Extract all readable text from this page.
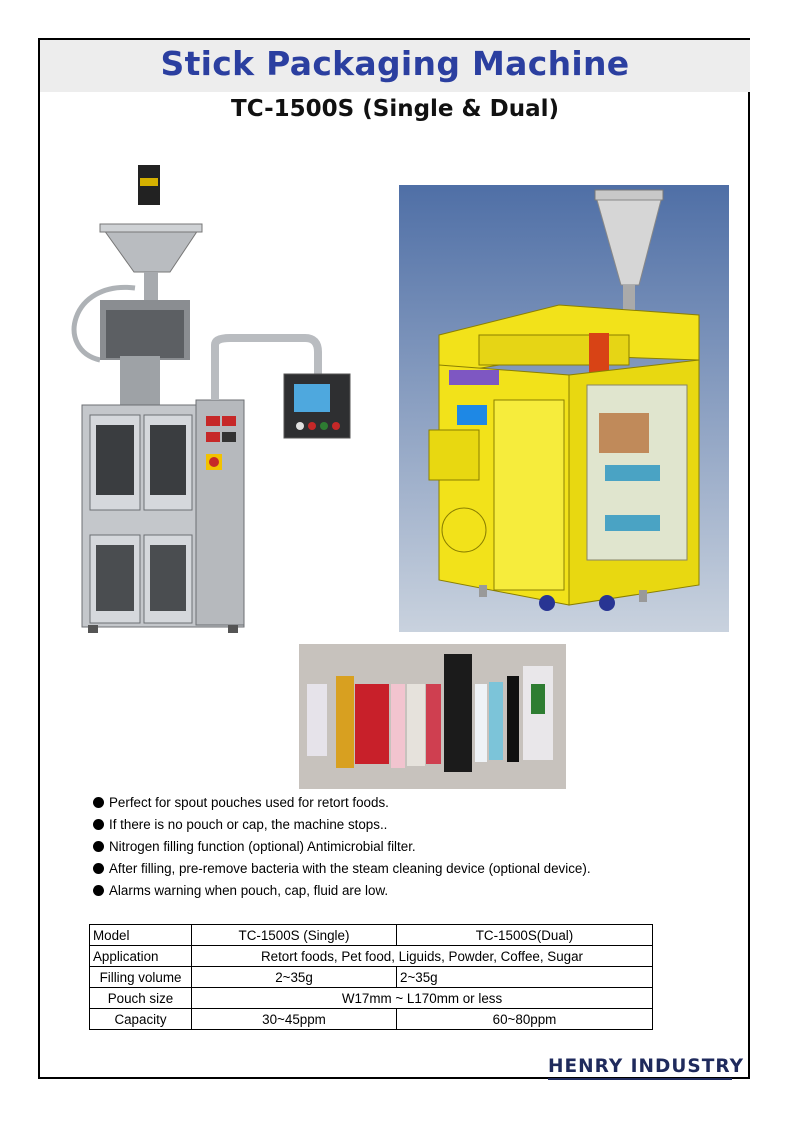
Stick Packaging Machine
TC-1500S (Single & Dual)
Perfect for spout pouches used for retort foods.
If there is no pouch or cap, the machine stops..
Nitrogen filling function (optional) Antimicrobial filter.
After filling, pre-remove bacteria with the steam cleaning device (optional device).
Alarms warning when pouch, cap, fluid are low.
Model	TC-1500S (Single)	TC-1500S(Dual)
Application	Retort foods, Pet food, Liguids, Powder, Coffee, Sugar	
Filling volume	2~35g	2~35g
Pouch size	W17mm ~ L170mm or less	
Capacity	30~45ppm	60~80ppm
HENRY INDUSTRY
